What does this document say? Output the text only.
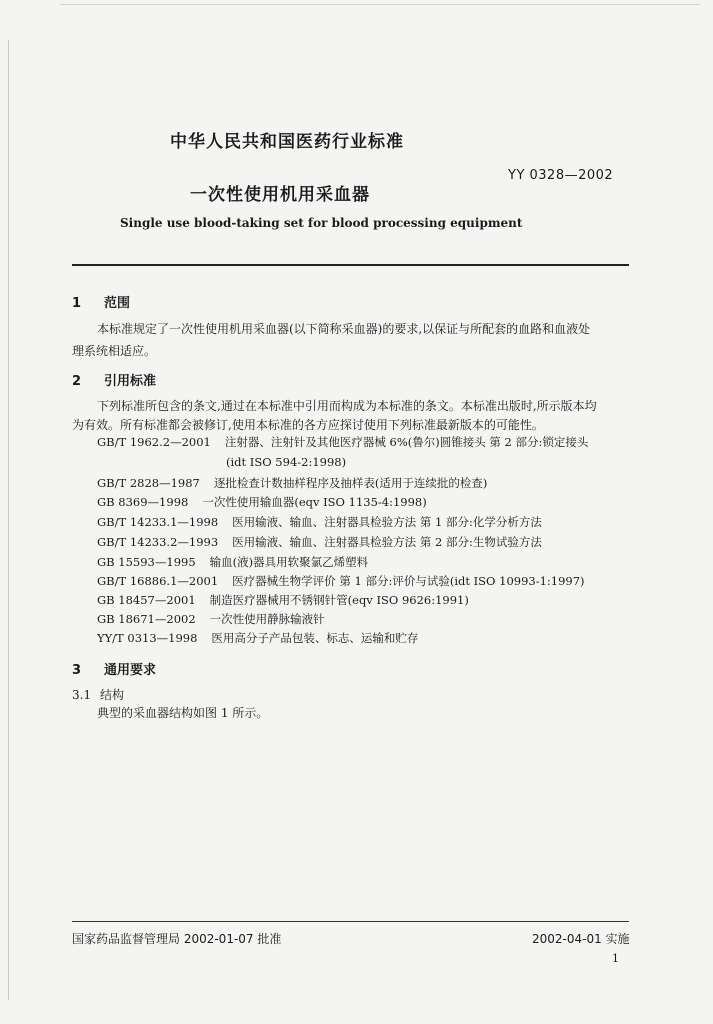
中华人民共和国医药行业标准
YY 0328—2002
一次性使用机用采血器
Single use blood-taking set for blood processing equipment
1 范围
本标准规定了一次性使用机用采血器(以下简称采血器)的要求,以保证与所配套的血路和血液处
理系统相适应。
2 引用标准
下列标准所包含的条文,通过在本标准中引用而构成为本标准的条文。本标准出版时,所示版本均
为有效。所有标准都会被修订,使用本标准的各方应探讨使用下列标准最新版本的可能性。
GB/T 1962.2—2001 注射器、注射针及其他医疗器械 6%(鲁尔)圆锥接头 第 2 部分:锁定接头
(idt ISO 594-2:1998)
GB/T 2828—1987 逐批检查计数抽样程序及抽样表(适用于连续批的检查)
GB 8369—1998 一次性使用输血器(eqv ISO 1135-4:1998)
GB/T 14233.1—1998 医用输液、输血、注射器具检验方法 第 1 部分:化学分析方法
GB/T 14233.2—1993 医用输液、输血、注射器具检验方法 第 2 部分:生物试验方法
GB 15593—1995 输血(液)器具用软聚氯乙烯塑料
GB/T 16886.1—2001 医疗器械生物学评价 第 1 部分:评价与试验(idt ISO 10993-1:1997)
GB 18457—2001 制造医疗器械用不锈钢针管(eqv ISO 9626:1991)
GB 18671—2002 一次性使用静脉输液针
YY/T 0313—1998 医用高分子产品包装、标志、运输和贮存
3 通用要求
3.1 结构
典型的采血器结构如图 1 所示。
国家药品监督管理局 2002-01-07 批准	2002-04-01 实施
1
